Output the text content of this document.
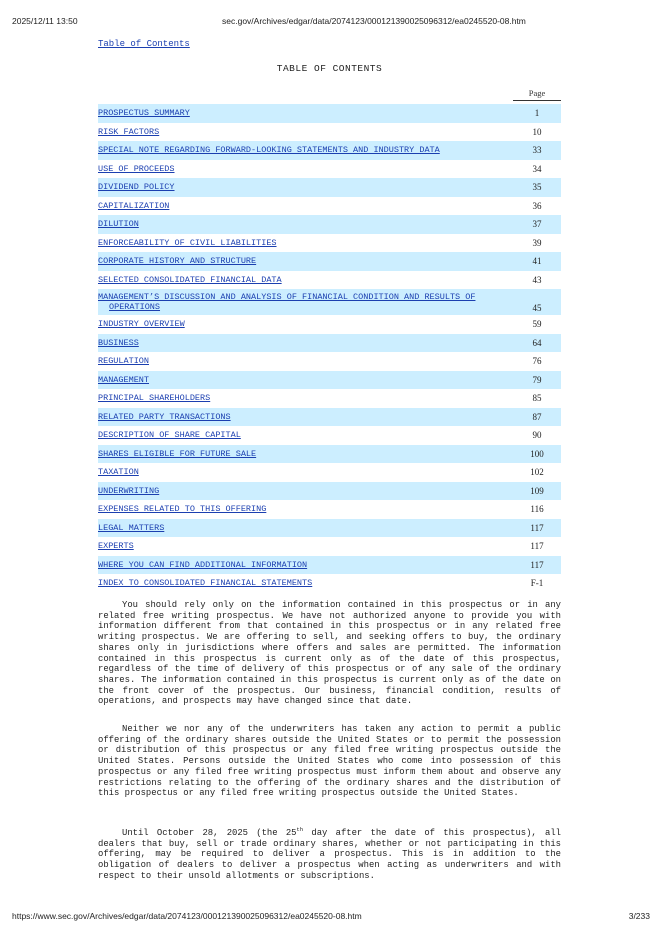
2025/12/11 13:50	sec.gov/Archives/edgar/data/2074123/000121390025096312/ea0245520-08.htm
Table of Contents
TABLE OF CONTENTS
Page
PROSPECTUS SUMMARY	1
RISK FACTORS	10
SPECIAL NOTE REGARDING FORWARD-LOOKING STATEMENTS AND INDUSTRY DATA	33
USE OF PROCEEDS	34
DIVIDEND POLICY	35
CAPITALIZATION	36
DILUTION	37
ENFORCEABILITY OF CIVIL LIABILITIES	39
CORPORATE HISTORY AND STRUCTURE	41
SELECTED CONSOLIDATED FINANCIAL DATA	43
MANAGEMENT’S DISCUSSION AND ANALYSIS OF FINANCIAL CONDITION AND RESULTS OF
OPERATIONS	45
INDUSTRY OVERVIEW	59
BUSINESS	64
REGULATION	76
MANAGEMENT	79
PRINCIPAL SHAREHOLDERS	85
RELATED PARTY TRANSACTIONS	87
DESCRIPTION OF SHARE CAPITAL	90
SHARES ELIGIBLE FOR FUTURE SALE	100
TAXATION	102
UNDERWRITING	109
EXPENSES RELATED TO THIS OFFERING	116
LEGAL MATTERS	117
EXPERTS	117
WHERE YOU CAN FIND ADDITIONAL INFORMATION	117
INDEX TO CONSOLIDATED FINANCIAL STATEMENTS	F-1

You should rely only on the information contained in this prospectus or in any related free writing prospectus. We have not authorized anyone to provide you with information different from that contained in this prospectus or in any related free writing prospectus. We are offering to sell, and seeking offers to buy, the ordinary shares only in jurisdictions where offers and sales are permitted. The information contained in this prospectus is current only as of the date of this prospectus, regardless of the time of delivery of this prospectus or of any sale of the ordinary shares. The information contained in this prospectus is current only as of the date on the front cover of the prospectus. Our business, financial condition, results of operations, and prospects may have changed since that date.

Neither we nor any of the underwriters has taken any action to permit a public offering of the ordinary shares outside the United States or to permit the possession or distribution of this prospectus or any filed free writing prospectus outside the United States. Persons outside the United States who come into possession of this prospectus or any filed free writing prospectus must inform them about and observe any restrictions relating to the offering of the ordinary shares and the distribution of this prospectus or any filed free writing prospectus outside the United States.

Until October 28, 2025 (the 25th day after the date of this prospectus), all dealers that buy, sell or trade ordinary shares, whether or not participating in this offering, may be required to deliver a prospectus. This is in addition to the obligation of dealers to deliver a prospectus when acting as underwriters and with respect to their unsold allotments or subscriptions.

https://www.sec.gov/Archives/edgar/data/2074123/000121390025096312/ea0245520-08.htm	3/233
